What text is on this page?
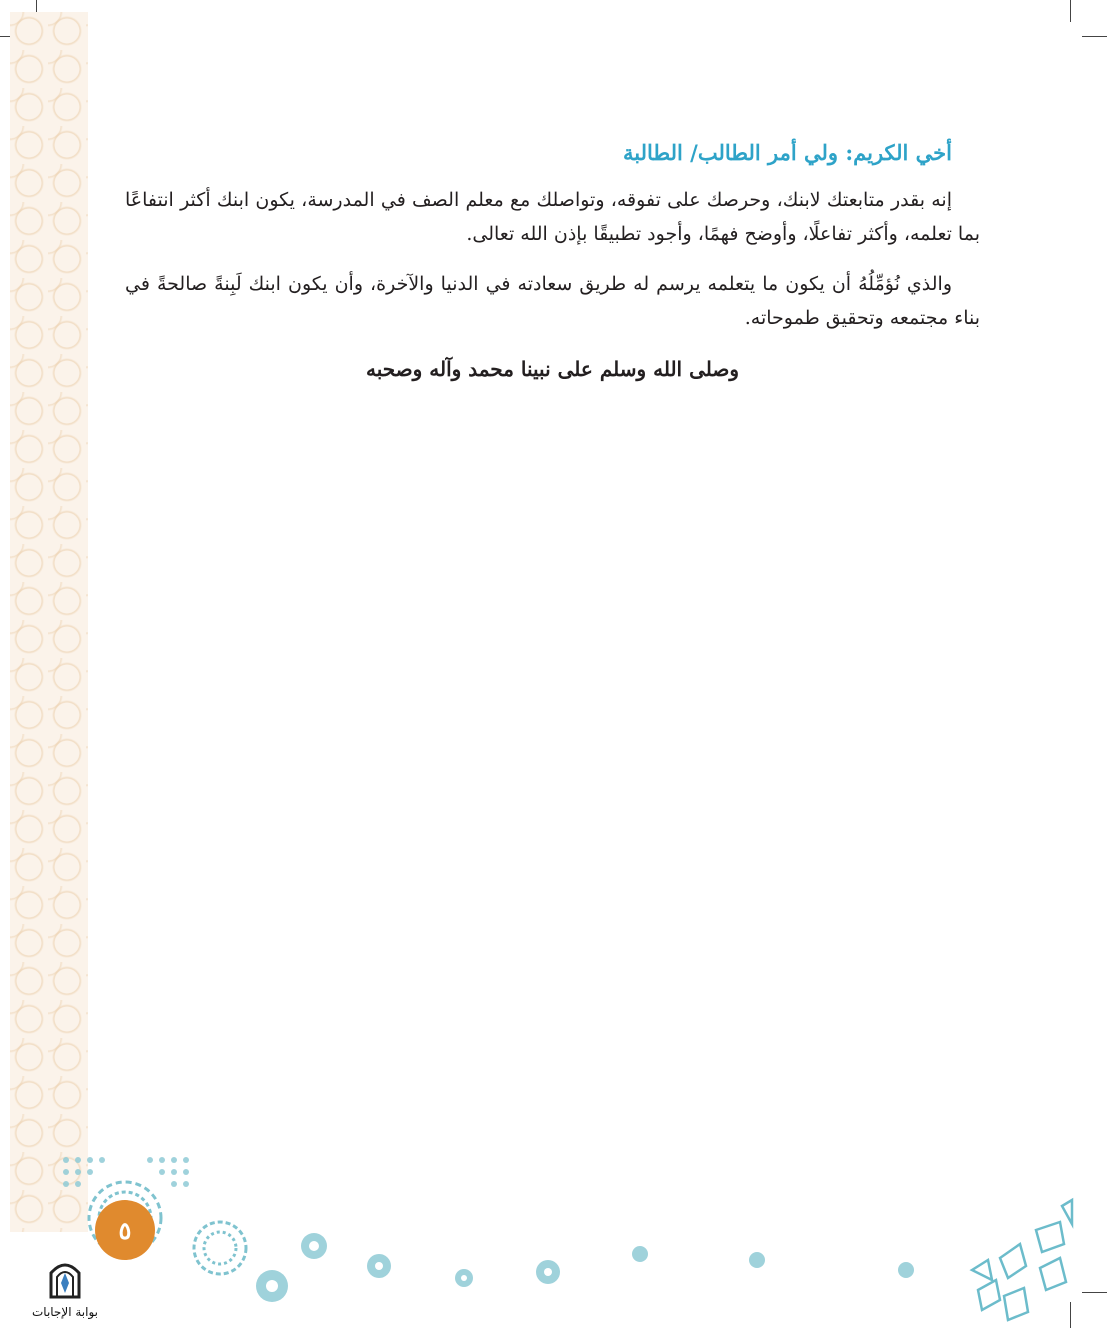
أخي الكريم: ولي أمر الطالب/ الطالبة

إنه بقدر متابعتك لابنك، وحرصك على تفوقه، وتواصلك مع معلم الصف في المدرسة، يكون ابنك أكثر انتفاعًا بما تعلمه، وأكثر تفاعلًا، وأوضح فهمًا، وأجود تطبيقًا بإذن الله تعالى.

والذي نُؤمِّلُهُ أن يكون ما يتعلمه يرسم له طريق سعادته في الدنيا والآخرة، وأن يكون ابنك لَبِنةً صالحةً في بناء مجتمعه وتحقيق طموحاته.

وصلى الله وسلم على نبينا محمد وآله وصحبه
٥
بوابة الإجابات
